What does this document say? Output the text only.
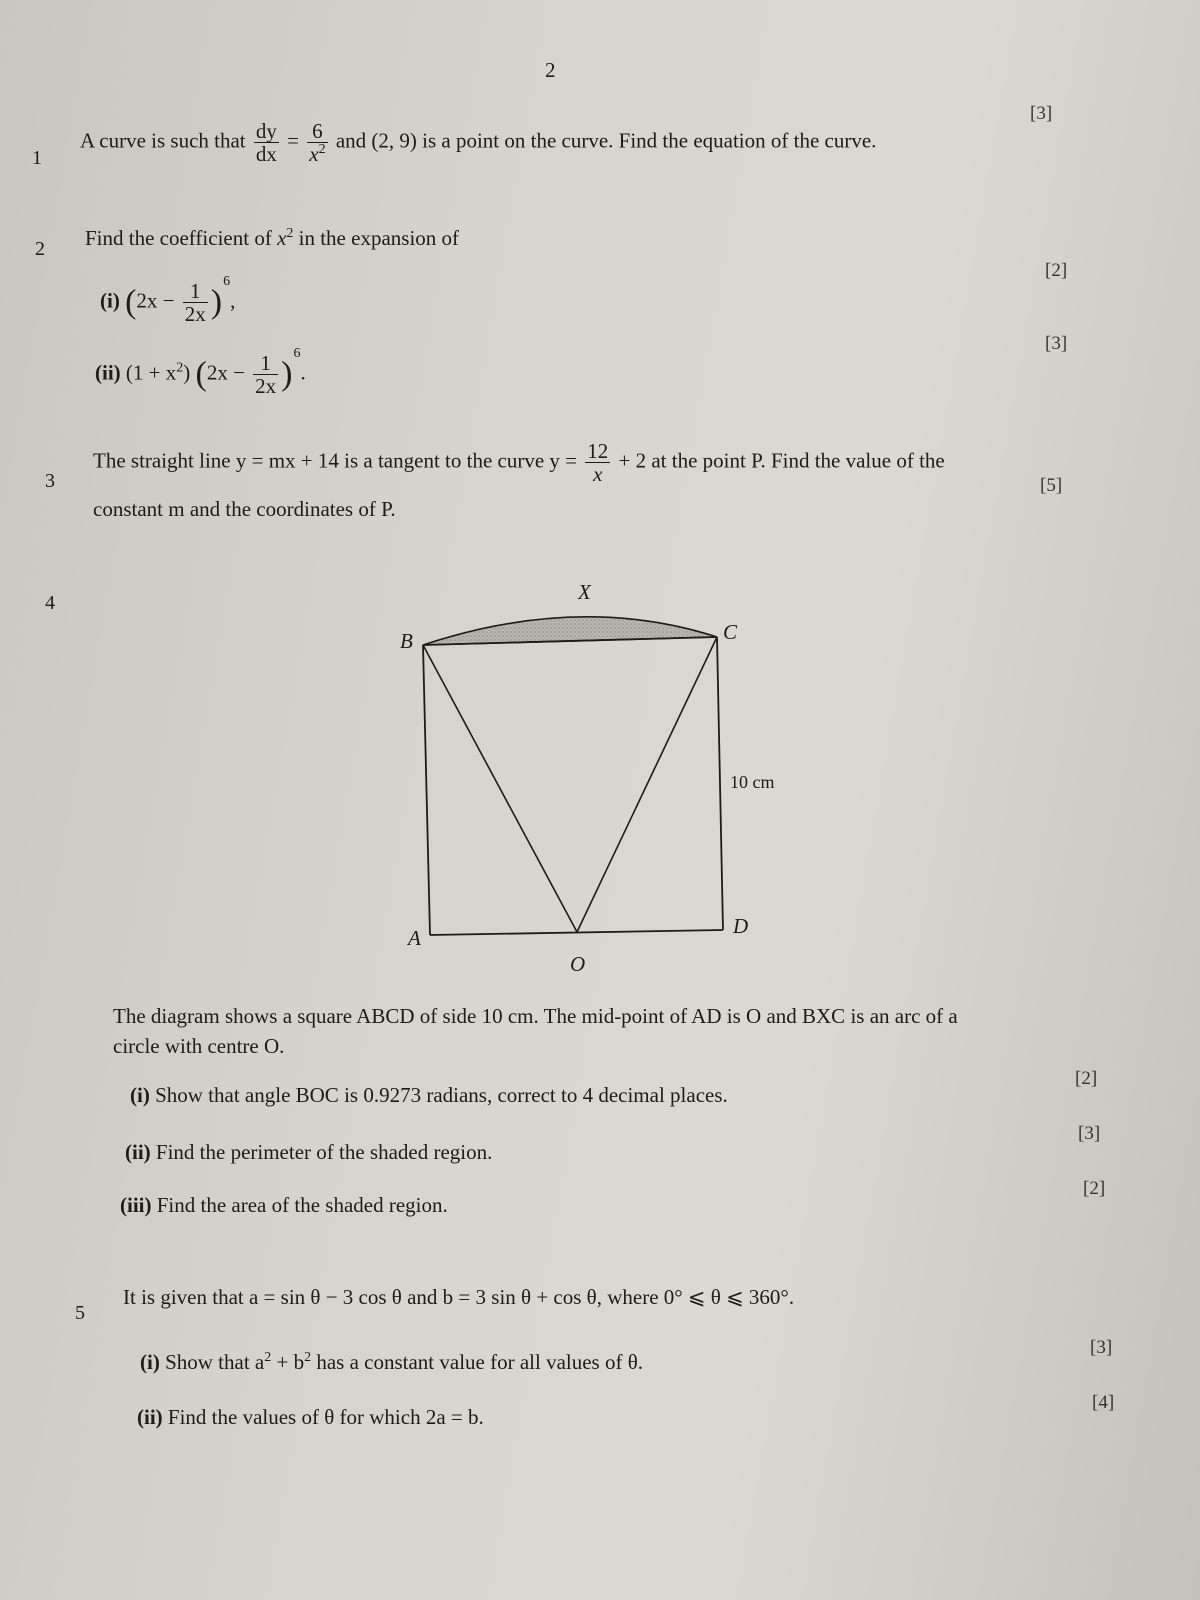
2
1
A curve is such that $\frac{dy}{dx} = \frac{6}{x^2}$ and (2, 9) is a point on the curve. Find the equation of the curve.
[3]
2 Find the coefficient of $x^2$ in the expansion of
(i) $(2x - \frac{1}{2x} )^6$,
[2]
(ii) $(1 + x^2)$ $(2x - \frac{1}{2x} )^6$.
[3]
3
The straight line y = mx + 14 is a tangent to the curve $y = \frac{12}{x} + 2$ at the point P. Find the value of the
constant m and the coordinates of P.
[5]
4	X
B	C
A	D
O
10 cm
The diagram shows a square ABCD of side 10 cm. The mid-point of AD is O and BXC is an arc of a
circle with centre O.
(i) Show that angle BOC is 0.9273 radians, correct to 4 decimal places.
[2]
(ii) Find the perimeter of the shaded region.
[3]
(iii) Find the area of the shaded region.
[2]
5
It is given that a = sin θ − 3 cos θ and b = 3 sin θ + cos θ, where 0° ⩽ θ ⩽ 360°.
(i) Show that $a^2 + b^2$ has a constant value for all values of θ.
[3]
(ii) Find the values of θ for which 2a = b.
[4]
